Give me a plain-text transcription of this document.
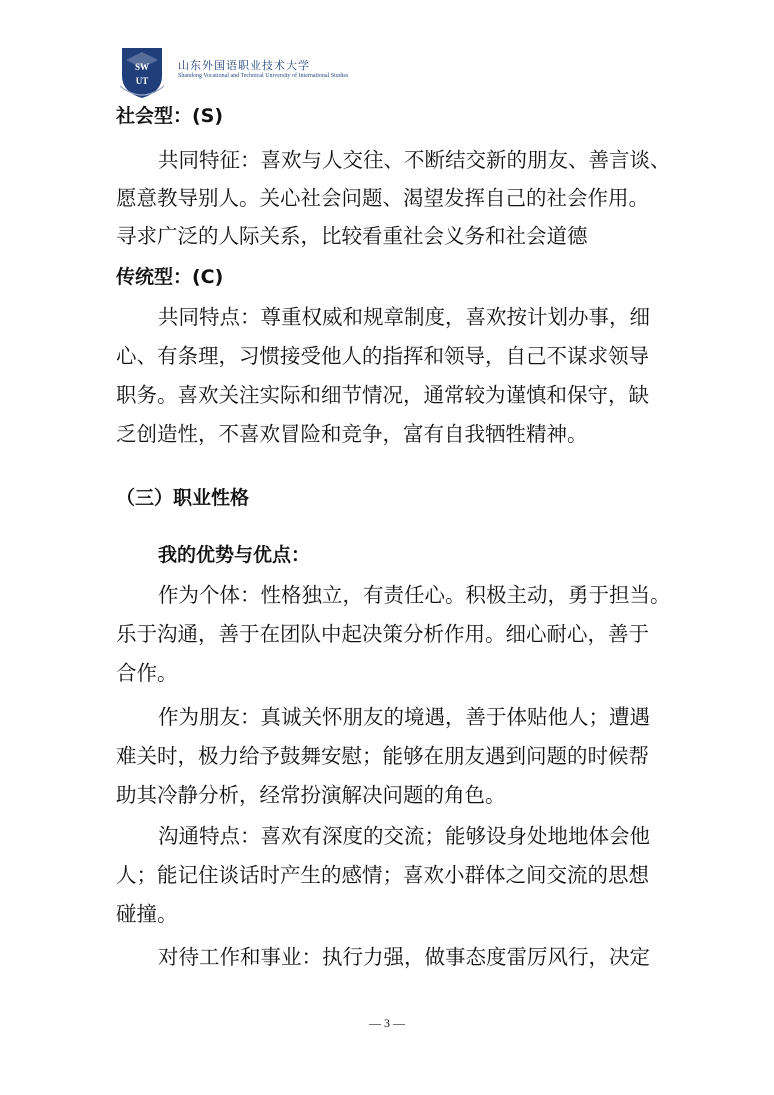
SW
UT
山东外国语职业技术大学
Shandong Vocational and Technical University of International Studies
社会型：(S)
共同特征：喜欢与人交往、不断结交新的朋友、善言谈、
愿意教导别人。关心社会问题、渴望发挥自己的社会作用。
寻求广泛的人际关系，比较看重社会义务和社会道德
传统型：(C)
共同特点：尊重权威和规章制度，喜欢按计划办事，细
心、有条理，习惯接受他人的指挥和领导，自己不谋求领导
职务。喜欢关注实际和细节情况，通常较为谨慎和保守，缺
乏创造性，不喜欢冒险和竞争，富有自我牺牲精神。
（三）职业性格
我的优势与优点：
作为个体：性格独立，有责任心。积极主动，勇于担当。
乐于沟通，善于在团队中起决策分析作用。细心耐心，善于
合作。
作为朋友：真诚关怀朋友的境遇，善于体贴他人；遭遇
难关时，极力给予鼓舞安慰；能够在朋友遇到问题的时候帮
助其冷静分析，经常扮演解决问题的角色。
沟通特点：喜欢有深度的交流；能够设身处地地体会他
人；能记住谈话时产生的感情；喜欢小群体之间交流的思想
碰撞。
对待工作和事业：执行力强，做事态度雷厉风行，决定
— 3 —
